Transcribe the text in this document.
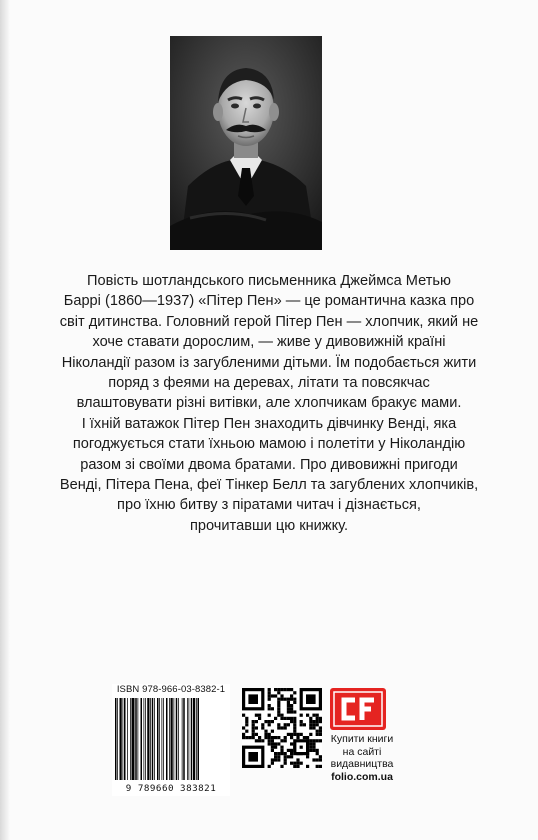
Повість шотландського письменника Джеймса Метью
Баррі (1860—1937) «Пітер Пен» — це романтична казка про
світ дитинства. Головний герой Пітер Пен — хлопчик, який не
хоче ставати дорослим, — живе у дивовижній країні
Ніколандії разом із загубленими дітьми. Їм подобається жити
поряд з феями на деревах, літати та повсякчас
влаштовувати різні витівки, але хлопчикам бракує мами.
І їхній ватажок Пітер Пен знаходить дівчинку Венді, яка
погоджується стати їхньою мамою і полетіти у Ніколандію
разом зі своїми двома братами. Про дивовижні пригоди
Венді, Пітера Пена, феї Тінкер Белл та загублених хлопчиків,
про їхню битву з піратами читач і дізнається,
прочитавши цю книжку.

ISBN 978-966-03-8382-1
9 789660 383821
Купити книги
на сайті
видавництва
folio.com.ua
